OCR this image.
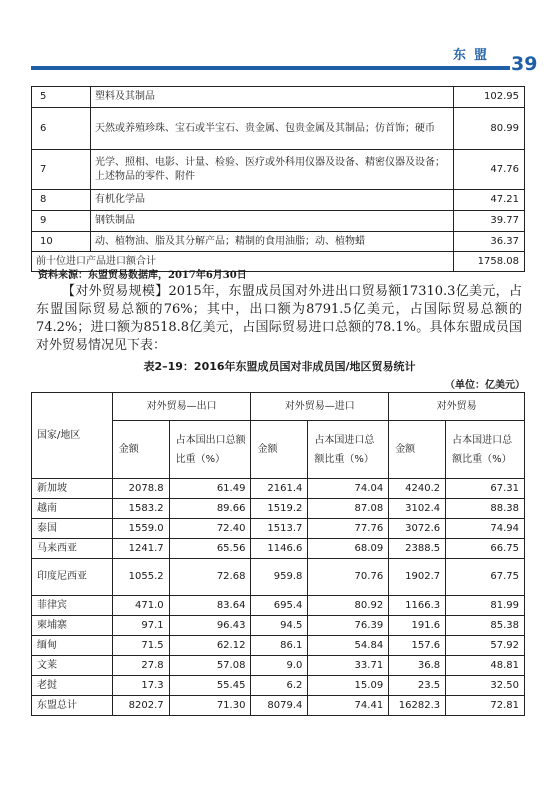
东盟 39
5	塑料及其制品	102.95
6	天然或养殖珍珠、宝石或半宝石、贵金属、包贵金属及其制品；仿首饰；硬币	80.99
7	光学、照相、电影、计量、检验、医疗或外科用仪器及设备、精密仪器及设备；上述物品的零件、附件	47.76
8	有机化学品	47.21
9	钢铁制品	39.77
10	动、植物油、脂及其分解产品；精制的食用油脂；动、植物蜡	36.37
前十位进口产品进口额合计		1758.08
资料来源：东盟贸易数据库，2017年6月30日

【对外贸易规模】2015年，东盟成员国对外进出口贸易额17310.3亿美元，占东盟国际贸易总额的76%；其中，出口额为8791.5亿美元，占国际贸易总额的74.2%；进口额为8518.8亿美元，占国际贸易进口总额的78.1%。具体东盟成员国对外贸易情况见下表：

表2–19：2016年东盟成员国对非成员国/地区贸易统计
（单位：亿美元）
国家/地区	对外贸易—出口		对外贸易—进口		对外贸易	
	金额	占本国出口总额比重（%）	金额	占本国进口总额比重（%）	金额	占本国进口总额比重（%）
新加坡	2078.8	61.49	2161.4	74.04	4240.2	67.31
越南	1583.2	89.66	1519.2	87.08	3102.4	88.38
泰国	1559.0	72.40	1513.7	77.76	3072.6	74.94
马来西亚	1241.7	65.56	1146.6	68.09	2388.5	66.75
印度尼西亚	1055.2	72.68	959.8	70.76	1902.7	67.75
菲律宾	471.0	83.64	695.4	80.92	1166.3	81.99
柬埔寨	97.1	96.43	94.5	76.39	191.6	85.38
缅甸	71.5	62.12	86.1	54.84	157.6	57.92
文莱	27.8	57.08	9.0	33.71	36.8	48.81
老挝	17.3	55.45	6.2	15.09	23.5	32.50
东盟总计	8202.7	71.30	8079.4	74.41	16282.3	72.81
